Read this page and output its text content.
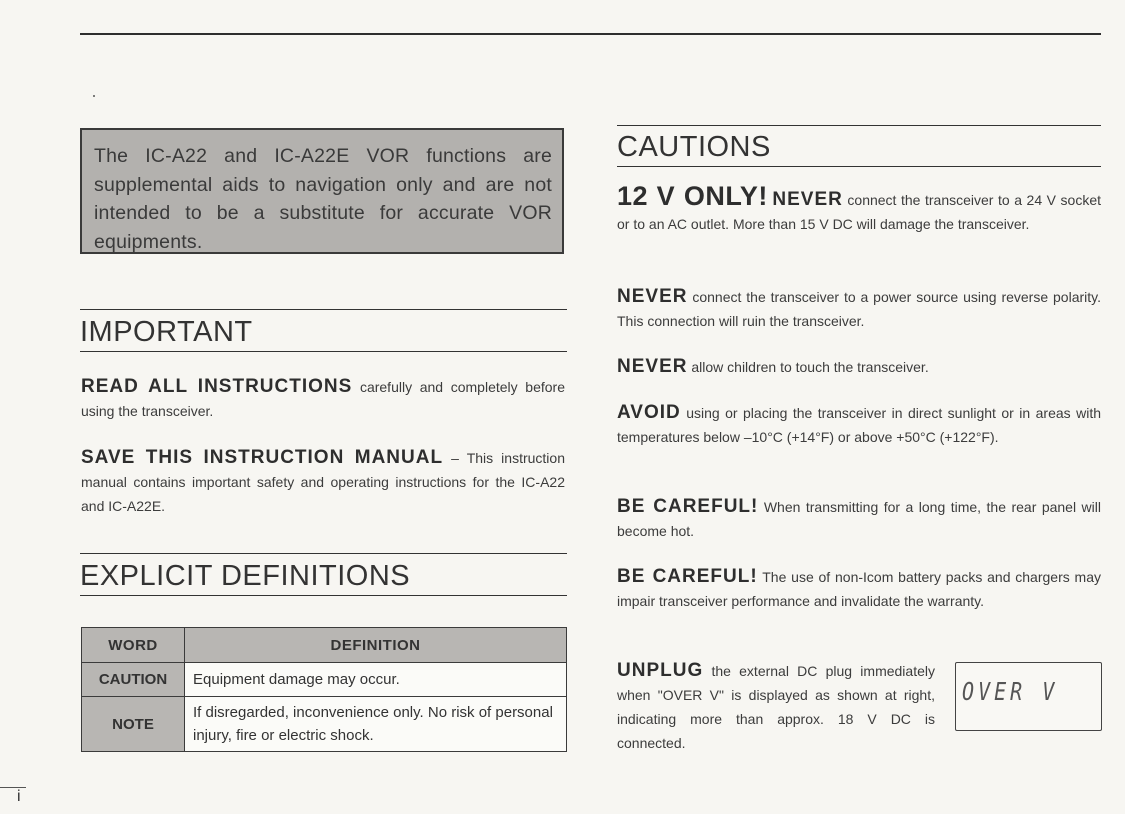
The IC-A22 and IC-A22E VOR functions are supplemental aids to navigation only and are not intended to be a substitute for accurate VOR equipments.
IMPORTANT
READ ALL INSTRUCTIONS carefully and completely before using the transceiver.
SAVE THIS INSTRUCTION MANUAL – This instruction manual contains important safety and operating instructions for the IC-A22 and IC-A22E.
EXPLICIT DEFINITIONS
WORD	DEFINITION
CAUTION	Equipment damage may occur.
NOTE	If disregarded, inconvenience only. No risk of personal injury, fire or electric shock.
CAUTIONS
12 V ONLY! NEVER connect the transceiver to a 24 V socket or to an AC outlet. More than 15 V DC will damage the transceiver.
NEVER connect the transceiver to a power source using reverse polarity. This connection will ruin the transceiver.
NEVER allow children to touch the transceiver.
AVOID using or placing the transceiver in direct sunlight or in areas with temperatures below –10°C (+14°F) or above +50°C (+122°F).
BE CAREFUL! When transmitting for a long time, the rear panel will become hot.
BE CAREFUL! The use of non-Icom battery packs and chargers may impair transceiver performance and invalidate the warranty.
UNPLUG the external DC plug immediately when "OVER V" is displayed as shown at right, indicating more than approx. 18 V DC is connected.
OVER V
i
